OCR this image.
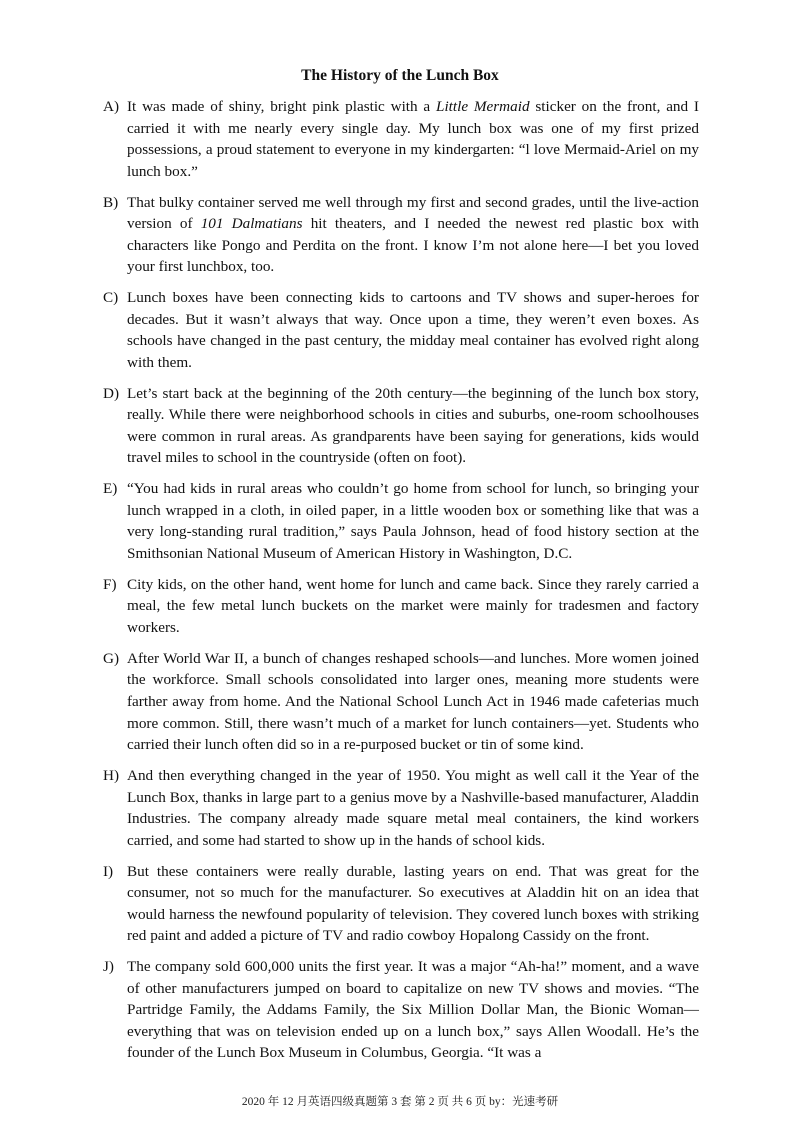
The History of the Lunch Box
A) It was made of shiny, bright pink plastic with a Little Mermaid sticker on the front, and I carried it with me nearly every single day. My lunch box was one of my first prized possessions, a proud statement to everyone in my kindergarten: “l love Mermaid-Ariel on my lunch box.”
B) That bulky container served me well through my first and second grades, until the live-action version of 101 Dalmatians hit theaters, and I needed the newest red plastic box with characters like Pongo and Perdita on the front. I know I’m not alone here—I bet you loved your first lunchbox, too.
C) Lunch boxes have been connecting kids to cartoons and TV shows and super-heroes for decades. But it wasn’t always that way. Once upon a time, they weren’t even boxes. As schools have changed in the past century, the midday meal container has evolved right along with them.
D) Let’s start back at the beginning of the 20th century—the beginning of the lunch box story, really. While there were neighborhood schools in cities and suburbs, one-room schoolhouses were common in rural areas. As grandparents have been saying for generations, kids would travel miles to school in the countryside (often on foot).
E) “You had kids in rural areas who couldn’t go home from school for lunch, so bringing your lunch wrapped in a cloth, in oiled paper, in a little wooden box or something like that was a very long-standing rural tradition,” says Paula Johnson, head of food history section at the Smithsonian National Museum of American History in Washington, D.C.
F) City kids, on the other hand, went home for lunch and came back. Since they rarely carried a meal, the few metal lunch buckets on the market were mainly for tradesmen and factory workers.
G) After World War II, a bunch of changes reshaped schools—and lunches. More women joined the workforce. Small schools consolidated into larger ones, meaning more students were farther away from home. And the National School Lunch Act in 1946 made cafeterias much more common. Still, there wasn’t much of a market for lunch containers—yet. Students who carried their lunch often did so in a re-purposed bucket or tin of some kind.
H) And then everything changed in the year of 1950. You might as well call it the Year of the Lunch Box, thanks in large part to a genius move by a Nashville-based manufacturer, Aladdin Industries. The company already made square metal meal containers, the kind workers carried, and some had started to show up in the hands of school kids.
I) But these containers were really durable, lasting years on end. That was great for the consumer, not so much for the manufacturer. So executives at Aladdin hit on an idea that would harness the newfound popularity of television. They covered lunch boxes with striking red paint and added a picture of TV and radio cowboy Hopalong Cassidy on the front.
J) The company sold 600,000 units the first year. It was a major “Ah-ha!” moment, and a wave of other manufacturers jumped on board to capitalize on new TV shows and movies. “The Partridge Family, the Addams Family, the Six Million Dollar Man, the Bionic Woman—everything that was on television ended up on a lunch box,” says Allen Woodall. He’s the founder of the Lunch Box Museum in Columbus, Georgia. “It was a
2020 年 12 月英语四级真题第 3 套 第 2 页 共 6 页 by：光速考研
